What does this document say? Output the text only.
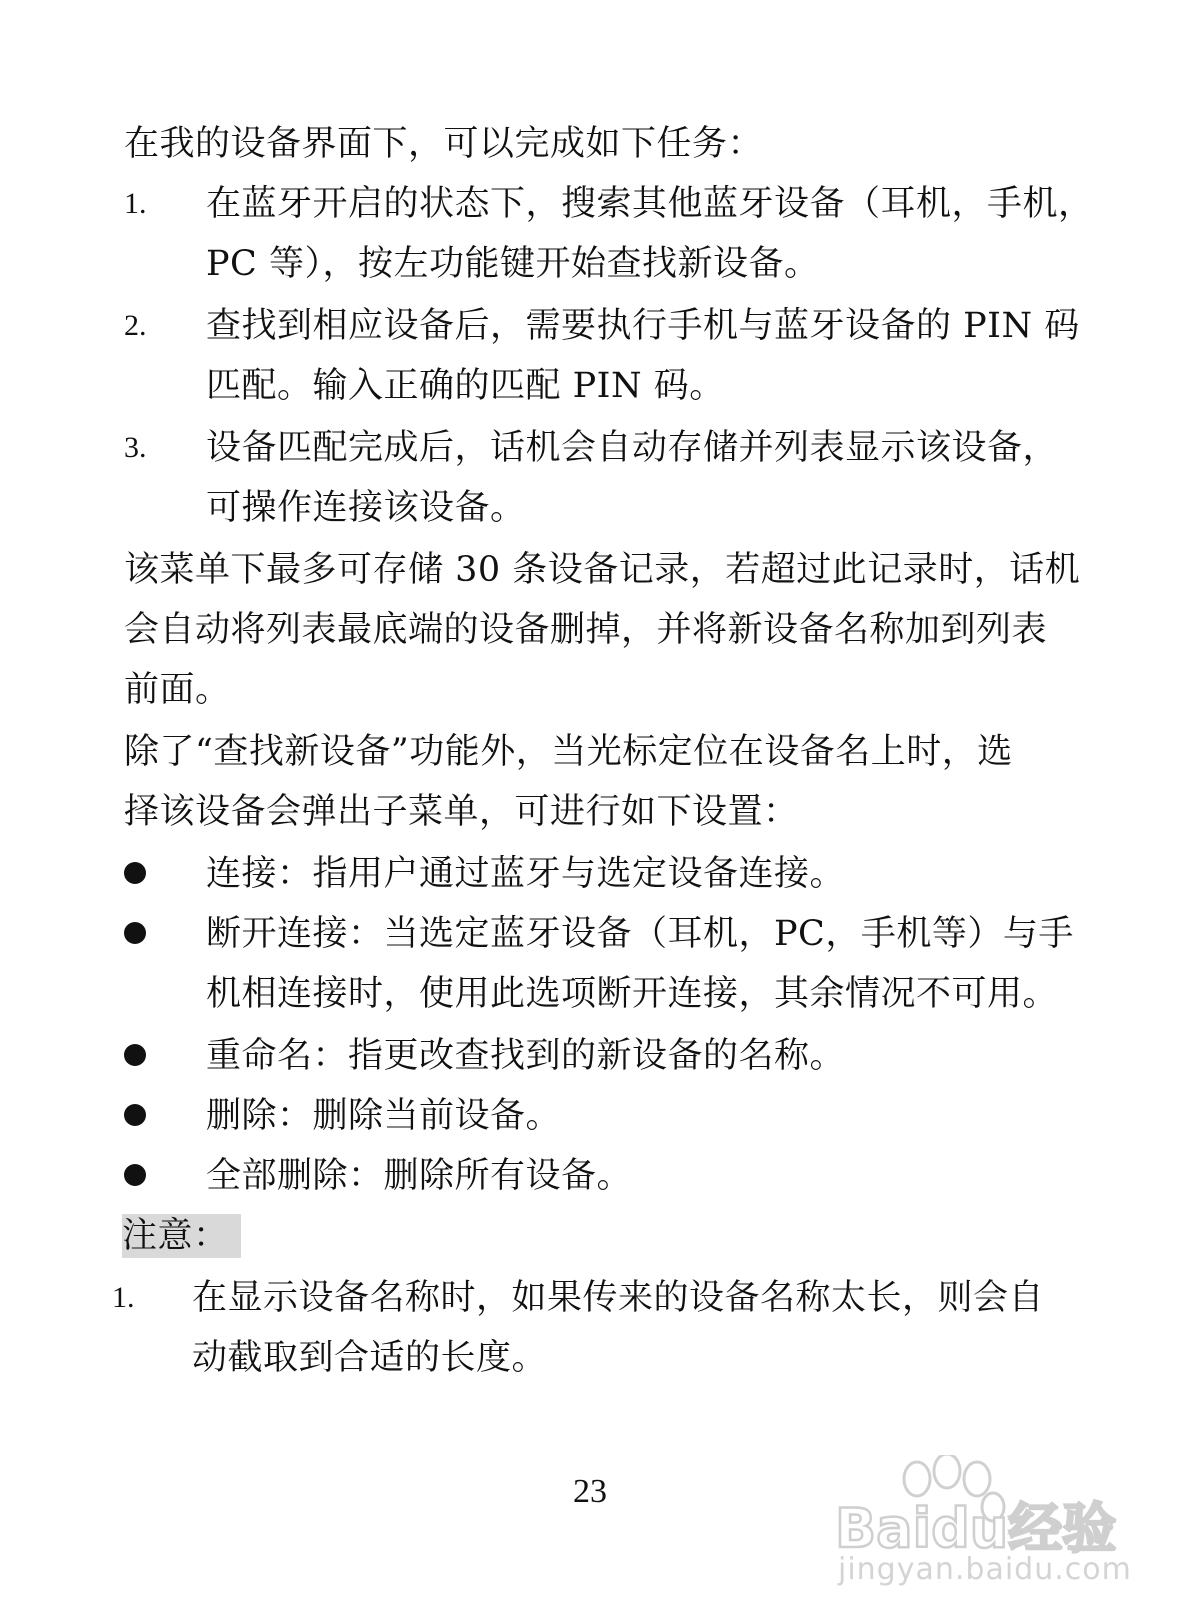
在我的设备界面下，可以完成如下任务：
1. 在蓝牙开启的状态下，搜索其他蓝牙设备（耳机，手机，
PC 等），按左功能键开始查找新设备。
2. 查找到相应设备后，需要执行手机与蓝牙设备的 PIN 码
匹配。输入正确的匹配 PIN 码。
3. 设备匹配完成后，话机会自动存储并列表显示该设备，
可操作连接该设备。
该菜单下最多可存储 30 条设备记录，若超过此记录时，话机
会自动将列表最底端的设备删掉，并将新设备名称加到列表
前面。
除了“查找新设备”功能外，当光标定位在设备名上时，选
择该设备会弹出子菜单，可进行如下设置：
连接：指用户通过蓝牙与选定设备连接。
断开连接：当选定蓝牙设备（耳机，PC，手机等）与手
机相连接时，使用此选项断开连接，其余情况不可用。
重命名：指更改查找到的新设备的名称。
删除：删除当前设备。
全部删除：删除所有设备。
注意：
1. 在显示设备名称时，如果传来的设备名称太长，则会自
动截取到合适的长度。
23
Baidu经验
jingyan.baidu.com
